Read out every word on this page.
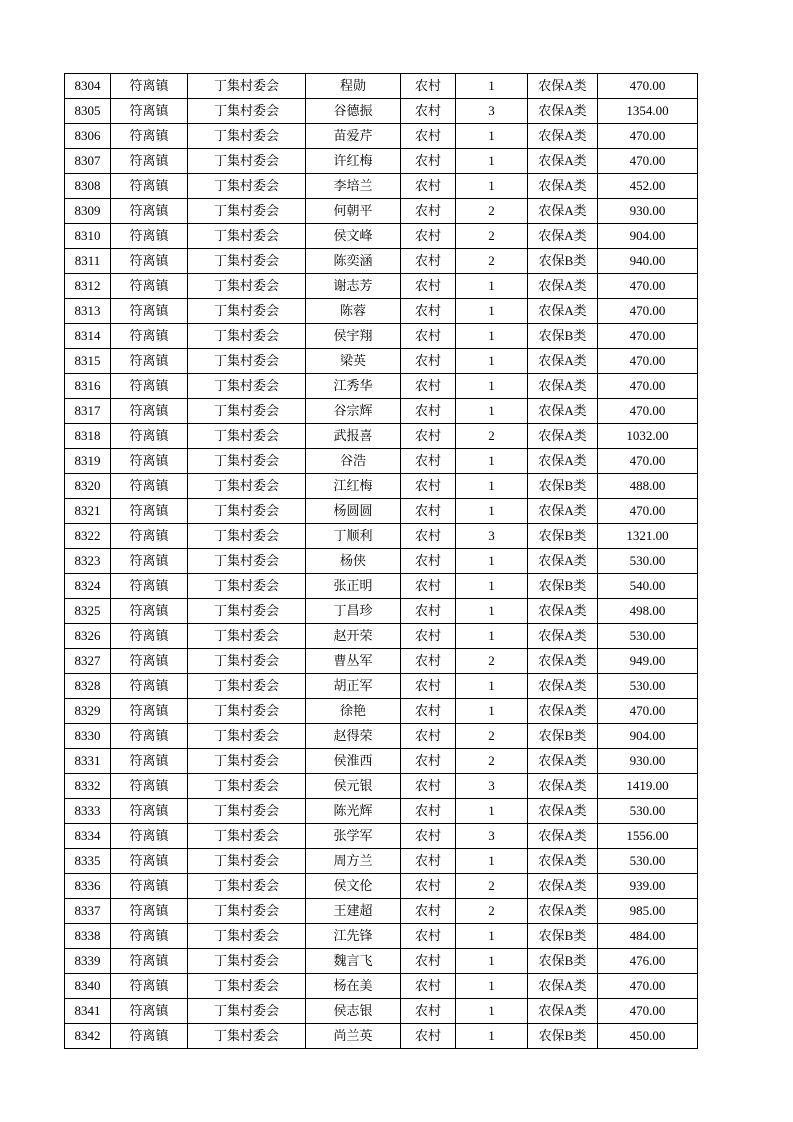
8304	符离镇	丁集村委会	程勋	农村	1	农保A类	470.00
8305	符离镇	丁集村委会	谷德振	农村	3	农保A类	1354.00
8306	符离镇	丁集村委会	苗爱芹	农村	1	农保A类	470.00
8307	符离镇	丁集村委会	许红梅	农村	1	农保A类	470.00
8308	符离镇	丁集村委会	李培兰	农村	1	农保A类	452.00
8309	符离镇	丁集村委会	何朝平	农村	2	农保A类	930.00
8310	符离镇	丁集村委会	侯文峰	农村	2	农保A类	904.00
8311	符离镇	丁集村委会	陈奕涵	农村	2	农保B类	940.00
8312	符离镇	丁集村委会	谢志芳	农村	1	农保A类	470.00
8313	符离镇	丁集村委会	陈蓉	农村	1	农保A类	470.00
8314	符离镇	丁集村委会	侯宇翔	农村	1	农保B类	470.00
8315	符离镇	丁集村委会	梁英	农村	1	农保A类	470.00
8316	符离镇	丁集村委会	江秀华	农村	1	农保A类	470.00
8317	符离镇	丁集村委会	谷宗辉	农村	1	农保A类	470.00
8318	符离镇	丁集村委会	武报喜	农村	2	农保A类	1032.00
8319	符离镇	丁集村委会	谷浩	农村	1	农保A类	470.00
8320	符离镇	丁集村委会	江红梅	农村	1	农保B类	488.00
8321	符离镇	丁集村委会	杨圆圆	农村	1	农保A类	470.00
8322	符离镇	丁集村委会	丁顺利	农村	3	农保B类	1321.00
8323	符离镇	丁集村委会	杨侠	农村	1	农保A类	530.00
8324	符离镇	丁集村委会	张正明	农村	1	农保B类	540.00
8325	符离镇	丁集村委会	丁昌珍	农村	1	农保A类	498.00
8326	符离镇	丁集村委会	赵开荣	农村	1	农保A类	530.00
8327	符离镇	丁集村委会	曹丛军	农村	2	农保A类	949.00
8328	符离镇	丁集村委会	胡正军	农村	1	农保A类	530.00
8329	符离镇	丁集村委会	徐艳	农村	1	农保A类	470.00
8330	符离镇	丁集村委会	赵得荣	农村	2	农保B类	904.00
8331	符离镇	丁集村委会	侯淮西	农村	2	农保A类	930.00
8332	符离镇	丁集村委会	侯元银	农村	3	农保A类	1419.00
8333	符离镇	丁集村委会	陈光辉	农村	1	农保A类	530.00
8334	符离镇	丁集村委会	张学军	农村	3	农保A类	1556.00
8335	符离镇	丁集村委会	周方兰	农村	1	农保A类	530.00
8336	符离镇	丁集村委会	侯文伦	农村	2	农保A类	939.00
8337	符离镇	丁集村委会	王建超	农村	2	农保A类	985.00
8338	符离镇	丁集村委会	江先锋	农村	1	农保B类	484.00
8339	符离镇	丁集村委会	魏言飞	农村	1	农保B类	476.00
8340	符离镇	丁集村委会	杨在美	农村	1	农保A类	470.00
8341	符离镇	丁集村委会	侯志银	农村	1	农保A类	470.00
8342	符离镇	丁集村委会	尚兰英	农村	1	农保B类	450.00
